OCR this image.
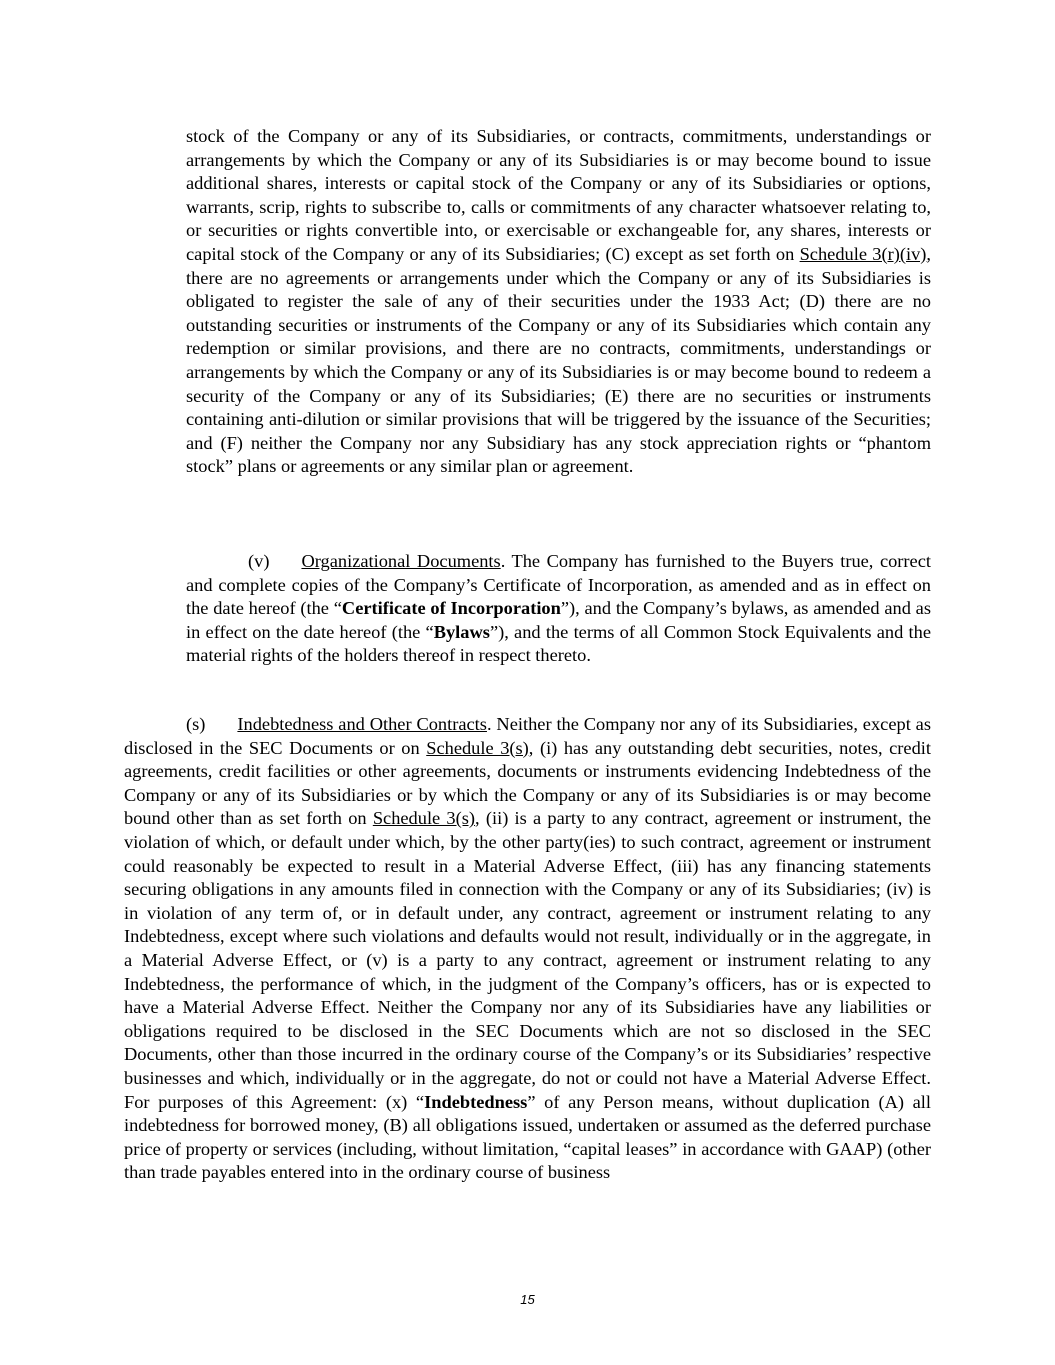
stock of the Company or any of its Subsidiaries, or contracts, commitments, understandings or arrangements by which the Company or any of its Subsidiaries is or may become bound to issue additional shares, interests or capital stock of the Company or any of its Subsidiaries or options, warrants, scrip, rights to subscribe to, calls or commitments of any character whatsoever relating to, or securities or rights convertible into, or exercisable or exchangeable for, any shares, interests or capital stock of the Company or any of its Subsidiaries; (C) except as set forth on Schedule 3(r)(iv), there are no agreements or arrangements under which the Company or any of its Subsidiaries is obligated to register the sale of any of their securities under the 1933 Act; (D) there are no outstanding securities or instruments of the Company or any of its Subsidiaries which contain any redemption or similar provisions, and there are no contracts, commitments, understandings or arrangements by which the Company or any of its Subsidiaries is or may become bound to redeem a security of the Company or any of its Subsidiaries; (E) there are no securities or instruments containing anti-dilution or similar provisions that will be triggered by the issuance of the Securities; and (F) neither the Company nor any Subsidiary has any stock appreciation rights or “phantom stock” plans or agreements or any similar plan or agreement.

(v) Organizational Documents. The Company has furnished to the Buyers true, correct and complete copies of the Company’s Certificate of Incorporation, as amended and as in effect on the date hereof (the “Certificate of Incorporation”), and the Company’s bylaws, as amended and as in effect on the date hereof (the “Bylaws”), and the terms of all Common Stock Equivalents and the material rights of the holders thereof in respect thereto.

(s) Indebtedness and Other Contracts. Neither the Company nor any of its Subsidiaries, except as disclosed in the SEC Documents or on Schedule 3(s), (i) has any outstanding debt securities, notes, credit agreements, credit facilities or other agreements, documents or instruments evidencing Indebtedness of the Company or any of its Subsidiaries or by which the Company or any of its Subsidiaries is or may become bound other than as set forth on Schedule 3(s), (ii) is a party to any contract, agreement or instrument, the violation of which, or default under which, by the other party(ies) to such contract, agreement or instrument could reasonably be expected to result in a Material Adverse Effect, (iii) has any financing statements securing obligations in any amounts filed in connection with the Company or any of its Subsidiaries; (iv) is in violation of any term of, or in default under, any contract, agreement or instrument relating to any Indebtedness, except where such violations and defaults would not result, individually or in the aggregate, in a Material Adverse Effect, or (v) is a party to any contract, agreement or instrument relating to any Indebtedness, the performance of which, in the judgment of the Company’s officers, has or is expected to have a Material Adverse Effect. Neither the Company nor any of its Subsidiaries have any liabilities or obligations required to be disclosed in the SEC Documents which are not so disclosed in the SEC Documents, other than those incurred in the ordinary course of the Company’s or its Subsidiaries’ respective businesses and which, individually or in the aggregate, do not or could not have a Material Adverse Effect. For purposes of this Agreement: (x) “Indebtedness” of any Person means, without duplication (A) all indebtedness for borrowed money, (B) all obligations issued, undertaken or assumed as the deferred purchase price of property or services (including, without limitation, “capital leases” in accordance with GAAP) (other than trade payables entered into in the ordinary course of business

15
